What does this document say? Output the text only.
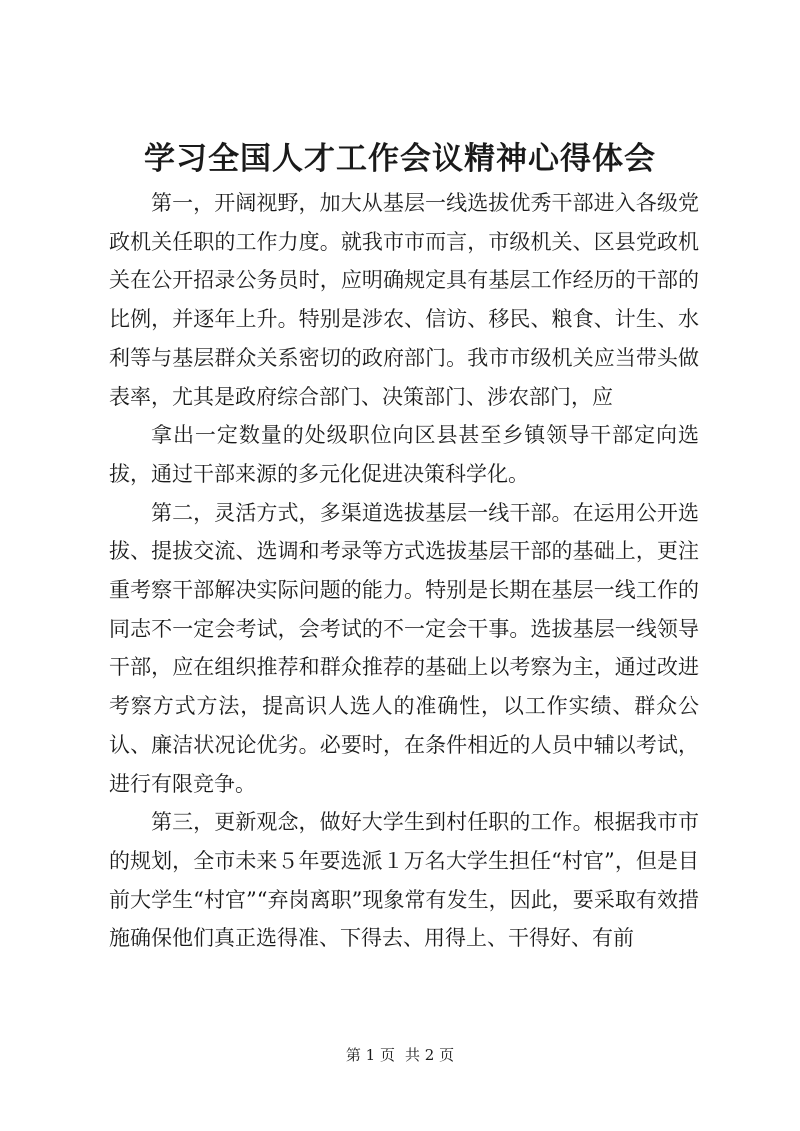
学习全国人才工作会议精神心得体会

第一，开阔视野，加大从基层一线选拔优秀干部进入各级党政机关任职的工作力度。就我市市而言，市级机关、区县党政机关在公开招录公务员时，应明确规定具有基层工作经历的干部的比例，并逐年上升。特别是涉农、信访、移民、粮食、计生、水利等与基层群众关系密切的政府部门。我市市级机关应当带头做表率，尤其是政府综合部门、决策部门、涉农部门，应

拿出一定数量的处级职位向区县甚至乡镇领导干部定向选拔，通过干部来源的多元化促进决策科学化。

第二，灵活方式，多渠道选拔基层一线干部。在运用公开选拔、提拔交流、选调和考录等方式选拔基层干部的基础上，更注重考察干部解决实际问题的能力。特别是长期在基层一线工作的同志不一定会考试，会考试的不一定会干事。选拔基层一线领导干部，应在组织推荐和群众推荐的基础上以考察为主，通过改进考察方式方法，提高识人选人的准确性，以工作实绩、群众公认、廉洁状况论优劣。必要时，在条件相近的人员中辅以考试，进行有限竞争。

第三，更新观念，做好大学生到村任职的工作。根据我市市的规划，全市未来５年要选派１万名大学生担任“村官”，但是目前大学生“村官”“弃岗离职”现象常有发生，因此，要采取有效措施确保他们真正选得准、下得去、用得上、干得好、有前

第 1 页 共 2 页
